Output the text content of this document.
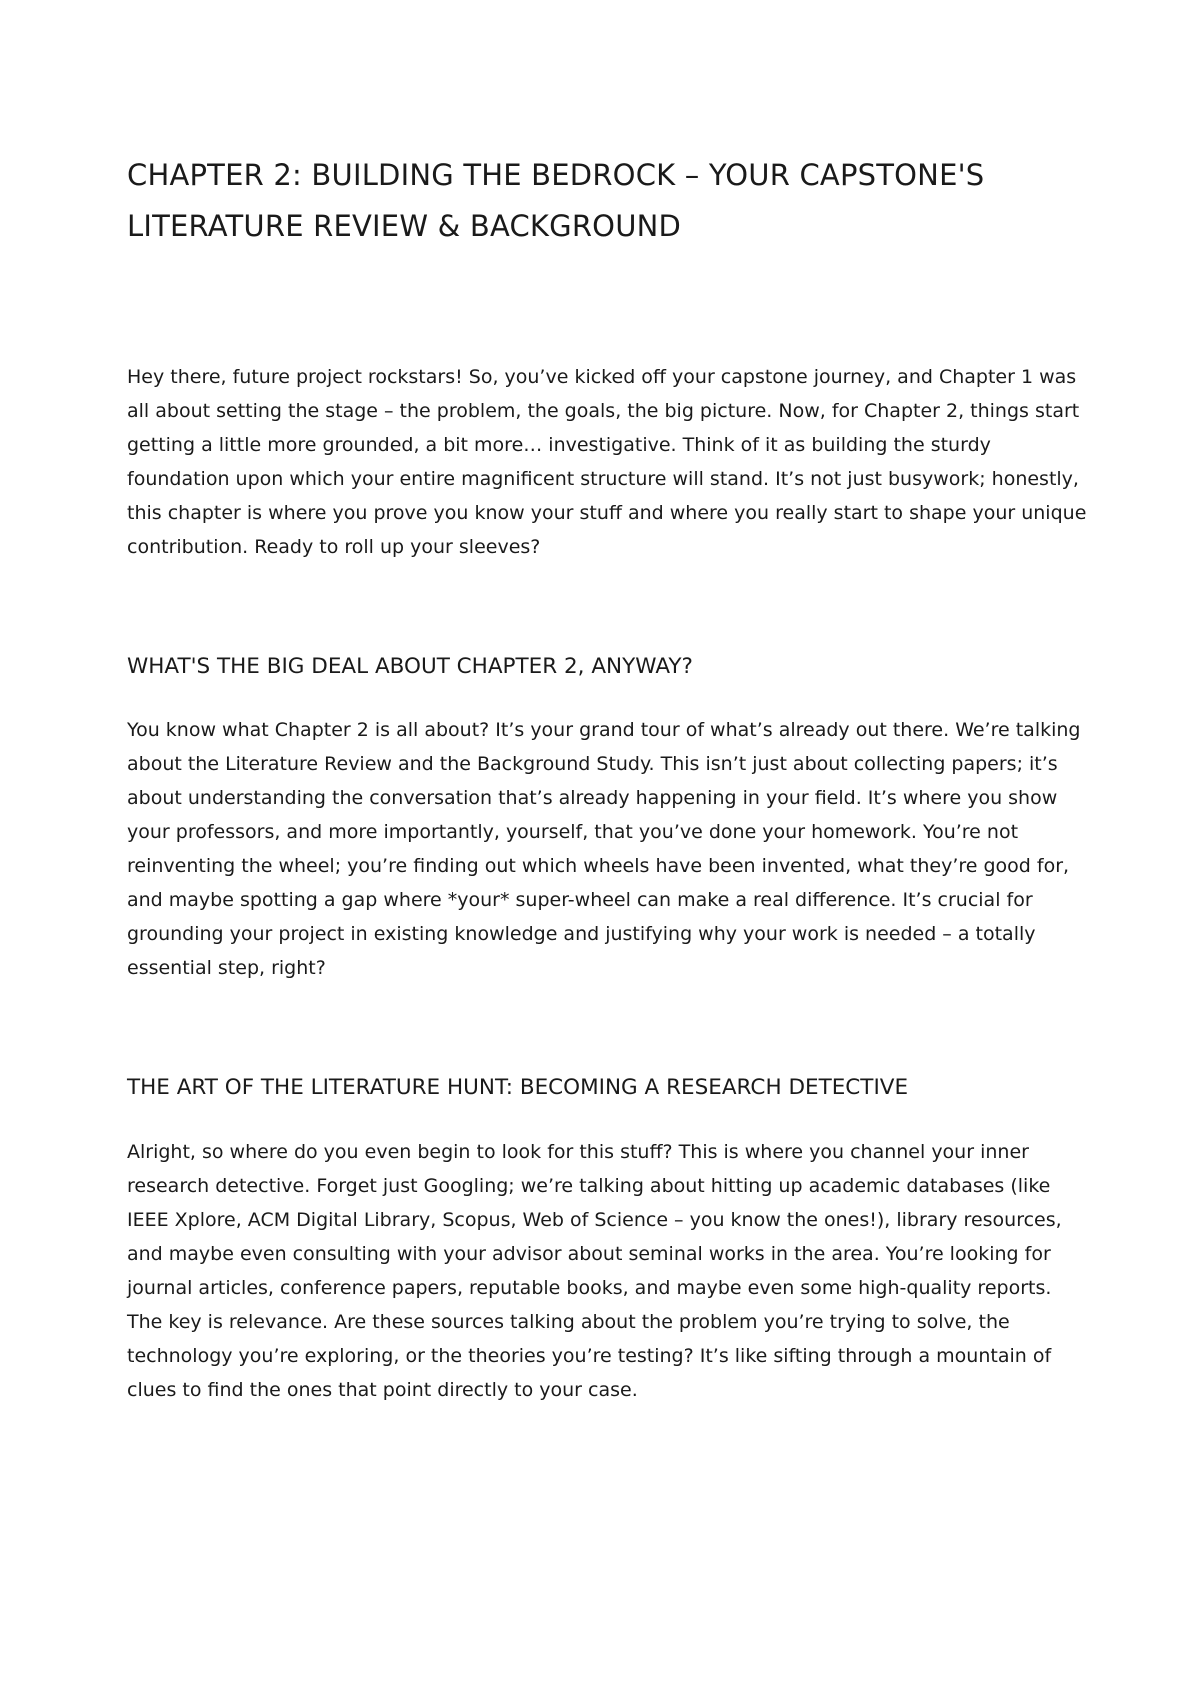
CHAPTER 2: BUILDING THE BEDROCK – YOUR CAPSTONE'S LITERATURE REVIEW & BACKGROUND

Hey there, future project rockstars! So, you’ve kicked off your capstone journey, and Chapter 1 was all about setting the stage – the problem, the goals, the big picture. Now, for Chapter 2, things start getting a little more grounded, a bit more… investigative. Think of it as building the sturdy foundation upon which your entire magnificent structure will stand. It’s not just busywork; honestly, this chapter is where you prove you know your stuff and where you really start to shape your unique contribution. Ready to roll up your sleeves?

WHAT'S THE BIG DEAL ABOUT CHAPTER 2, ANYWAY?

You know what Chapter 2 is all about? It’s your grand tour of what’s already out there. We’re talking about the Literature Review and the Background Study. This isn’t just about collecting papers; it’s about understanding the conversation that’s already happening in your field. It’s where you show your professors, and more importantly, yourself, that you’ve done your homework. You’re not reinventing the wheel; you’re finding out which wheels have been invented, what they’re good for, and maybe spotting a gap where *your* super-wheel can make a real difference. It’s crucial for grounding your project in existing knowledge and justifying why your work is needed – a totally essential step, right?

THE ART OF THE LITERATURE HUNT: BECOMING A RESEARCH DETECTIVE

Alright, so where do you even begin to look for this stuff? This is where you channel your inner research detective. Forget just Googling; we’re talking about hitting up academic databases (like IEEE Xplore, ACM Digital Library, Scopus, Web of Science – you know the ones!), library resources, and maybe even consulting with your advisor about seminal works in the area. You’re looking for journal articles, conference papers, reputable books, and maybe even some high-quality reports. The key is relevance. Are these sources talking about the problem you’re trying to solve, the technology you’re exploring, or the theories you’re testing? It’s like sifting through a mountain of clues to find the ones that point directly to your case.
